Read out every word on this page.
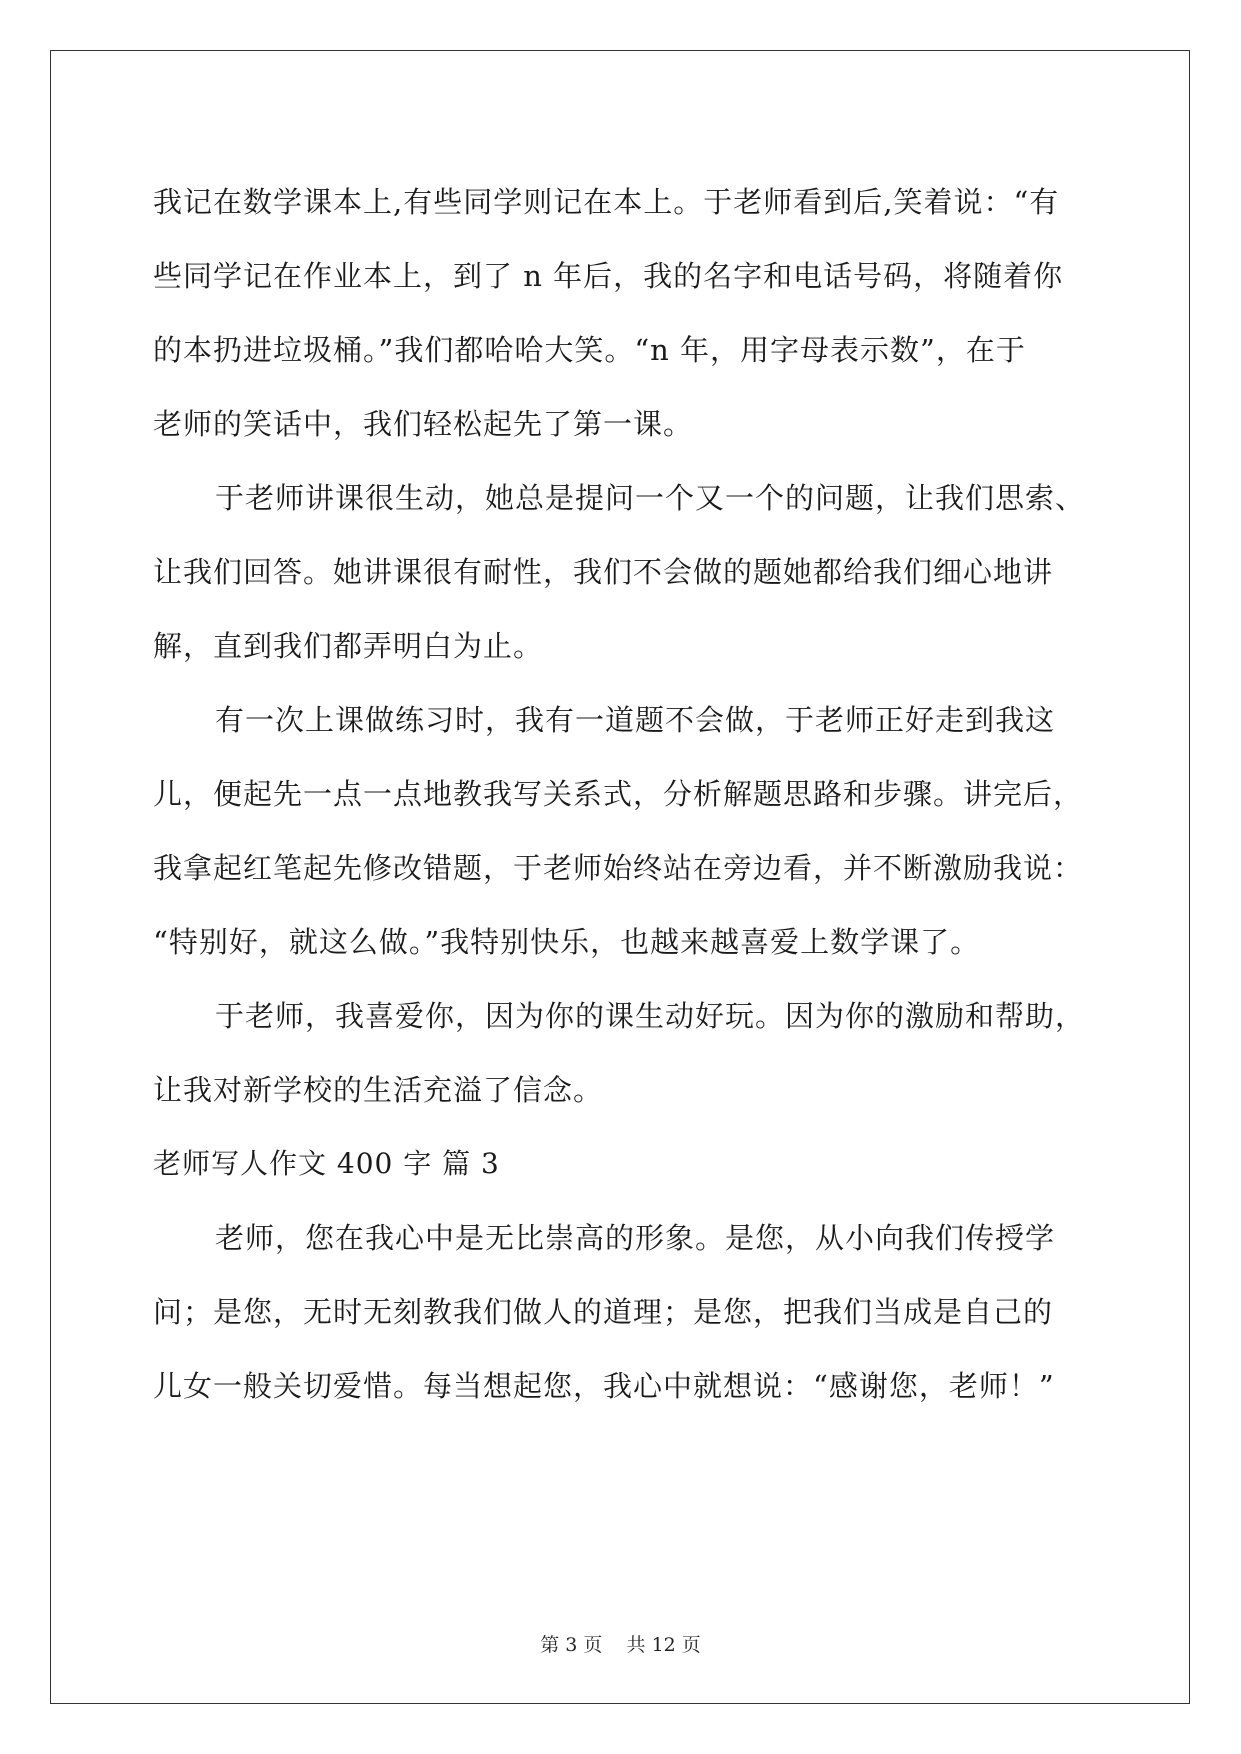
我记在数学课本上,有些同学则记在本上。于老师看到后,笑着说：“有
些同学记在作业本上，到了 n 年后，我的名字和电话号码，将随着你
的本扔进垃圾桶。”我们都哈哈大笑。“n 年，用字母表示数”，在于
老师的笑话中，我们轻松起先了第一课。
于老师讲课很生动，她总是提问一个又一个的问题，让我们思索、
让我们回答。她讲课很有耐性，我们不会做的题她都给我们细心地讲
解，直到我们都弄明白为止。
有一次上课做练习时，我有一道题不会做，于老师正好走到我这
儿，便起先一点一点地教我写关系式，分析解题思路和步骤。讲完后，
我拿起红笔起先修改错题，于老师始终站在旁边看，并不断激励我说：
“特别好，就这么做。”我特别快乐，也越来越喜爱上数学课了。
于老师，我喜爱你，因为你的课生动好玩。因为你的激励和帮助，
让我对新学校的生活充溢了信念。
老师写人作文 400 字 篇 3
老师，您在我心中是无比崇高的形象。是您，从小向我们传授学
问；是您，无时无刻教我们做人的道理；是您，把我们当成是自己的
儿女一般关切爱惜。每当想起您，我心中就想说：“感谢您，老师！”
第 3 页    共 12 页
